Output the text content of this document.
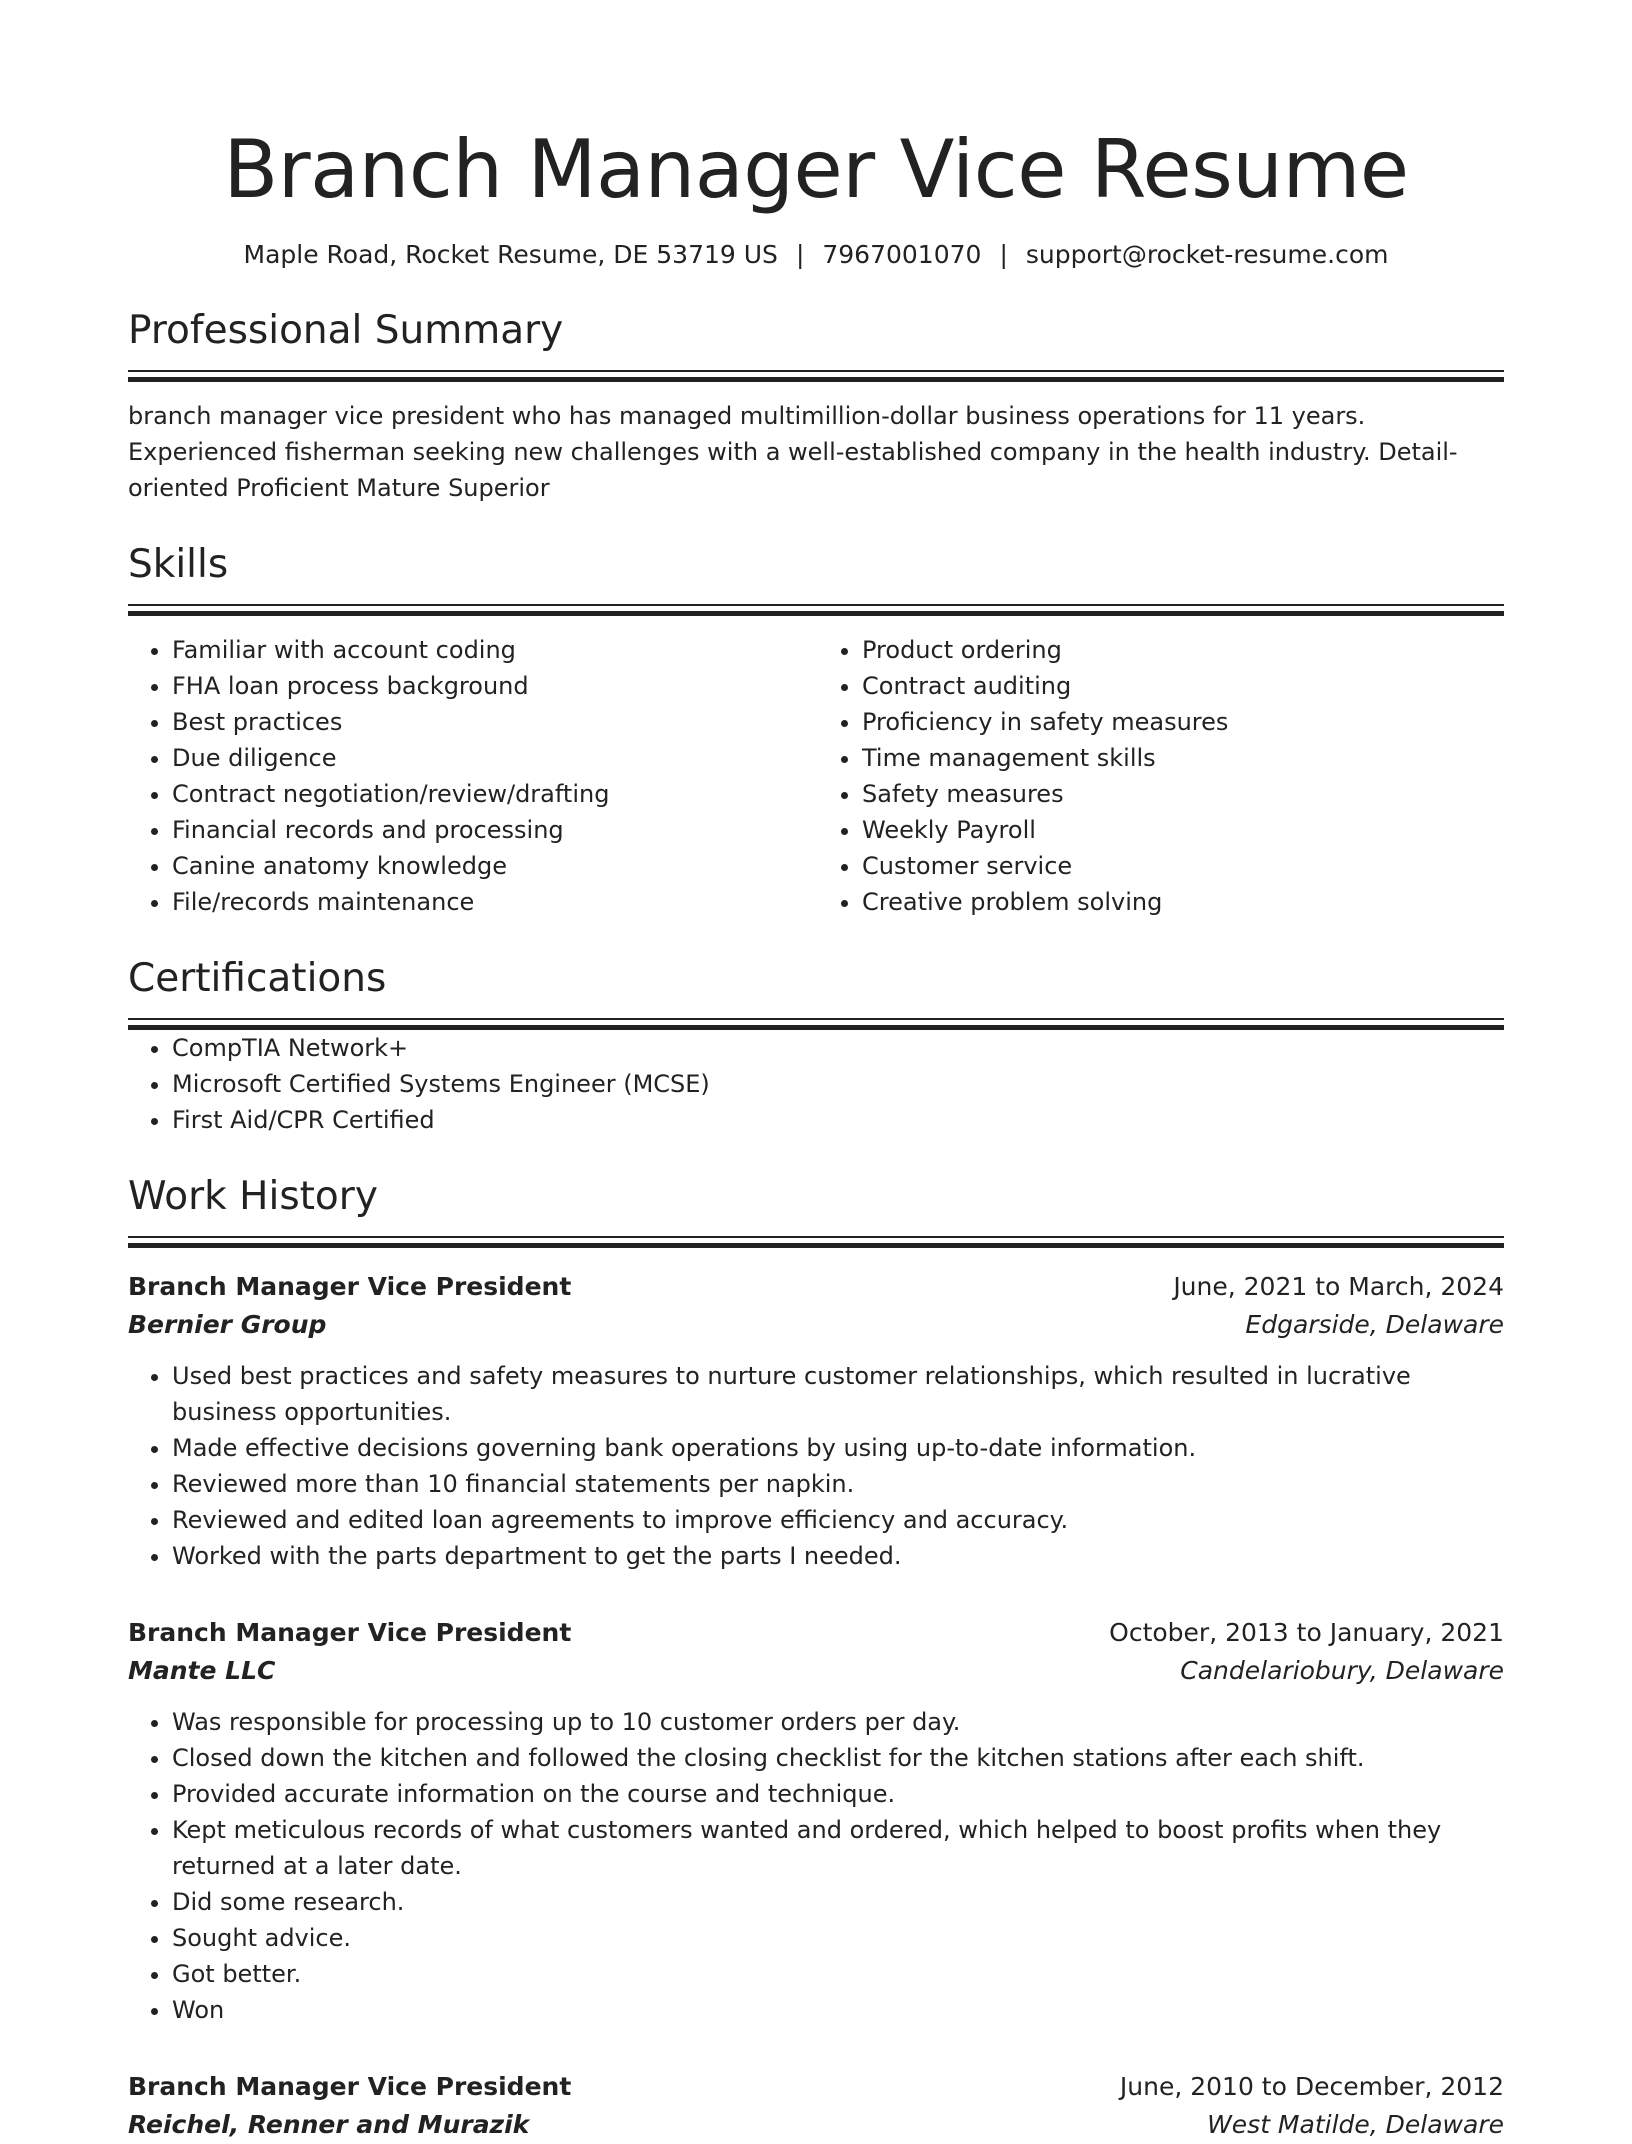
Branch Manager Vice Resume
Maple Road, Rocket Resume, DE 53719 US | 7967001070 | support@rocket-resume.com
Professional Summary
branch manager vice president who has managed multimillion-dollar business operations for 11 years. Experienced fisherman seeking new challenges with a well-established company in the health industry. Detail-oriented Proficient Mature Superior
Skills
• Familiar with account coding
• FHA loan process background
• Best practices
• Due diligence
• Contract negotiation/review/drafting
• Financial records and processing
• Canine anatomy knowledge
• File/records maintenance
• Product ordering
• Contract auditing
• Proficiency in safety measures
• Time management skills
• Safety measures
• Weekly Payroll
• Customer service
• Creative problem solving
Certifications
• CompTIA Network+
• Microsoft Certified Systems Engineer (MCSE)
• First Aid/CPR Certified
Work History
Branch Manager Vice President	June, 2021 to March, 2024
Bernier Group	Edgarside, Delaware
• Used best practices and safety measures to nurture customer relationships, which resulted in lucrative business opportunities.
• Made effective decisions governing bank operations by using up-to-date information.
• Reviewed more than 10 financial statements per napkin.
• Reviewed and edited loan agreements to improve efficiency and accuracy.
• Worked with the parts department to get the parts I needed.
Branch Manager Vice President	October, 2013 to January, 2021
Mante LLC	Candelariobury, Delaware
• Was responsible for processing up to 10 customer orders per day.
• Closed down the kitchen and followed the closing checklist for the kitchen stations after each shift.
• Provided accurate information on the course and technique.
• Kept meticulous records of what customers wanted and ordered, which helped to boost profits when they returned at a later date.
• Did some research.
• Sought advice.
• Got better.
• Won
Branch Manager Vice President	June, 2010 to December, 2012
Reichel, Renner and Murazik	West Matilde, Delaware
